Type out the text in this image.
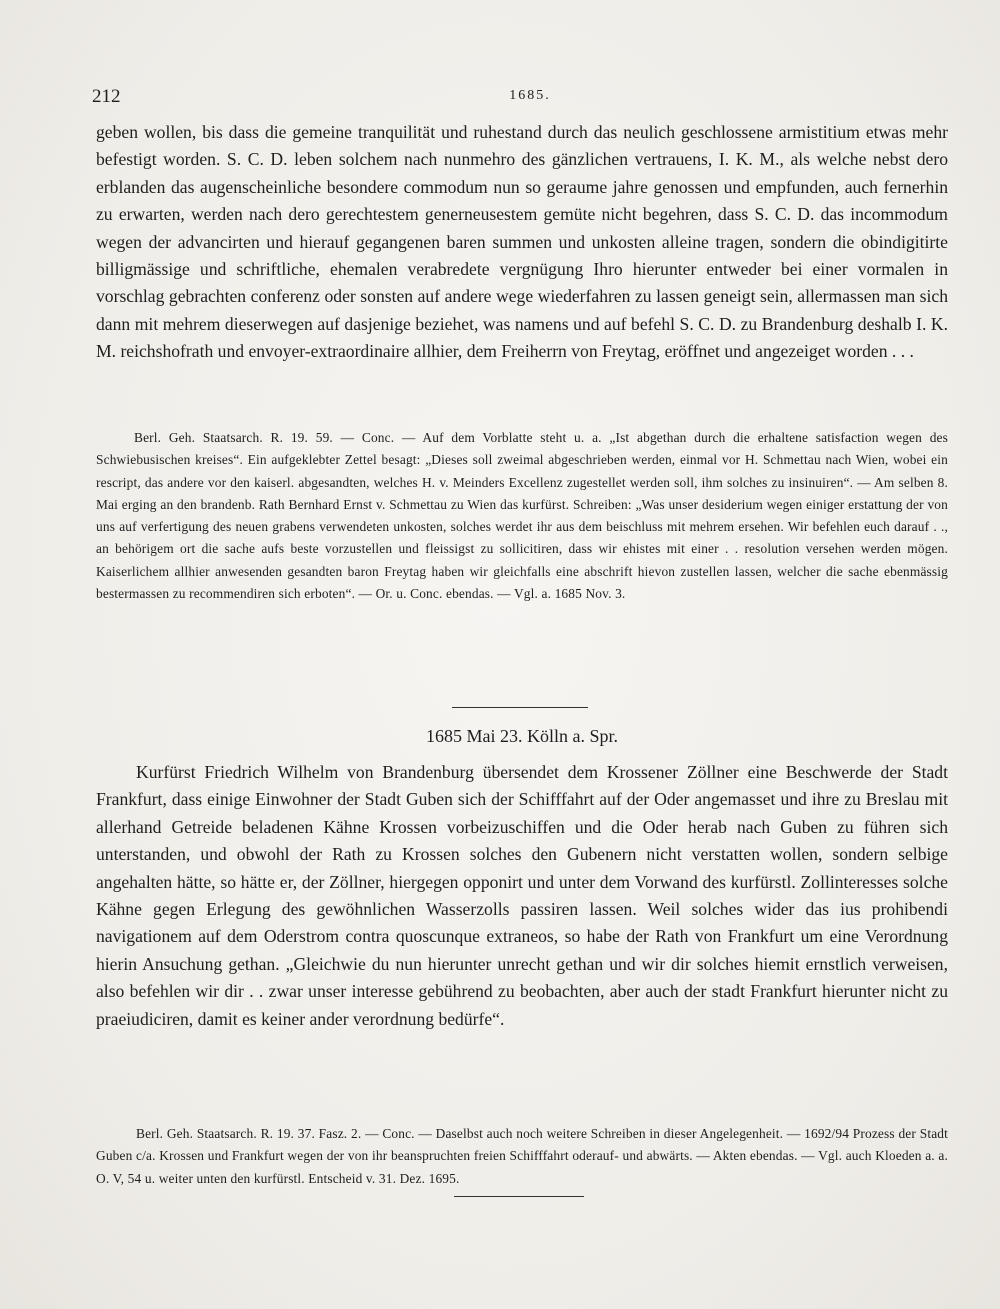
212	1685.

geben wollen, bis dass die gemeine tranquilität und ruhestand durch das neulich geschlossene armistitium etwas mehr befestigt worden. S. C. D. leben solchem nach nunmehro des gänzlichen vertrauens, I. K. M., als welche nebst dero erblanden das augenscheinliche besondere commodum nun so geraume jahre genossen und empfunden, auch fernerhin zu erwarten, werden nach dero gerechtestem generneusestem gemüte nicht begehren, dass S. C. D. das incommodum wegen der advancirten und hierauf gegangenen baren summen und unkosten alleine tragen, sondern die obindigitirte billigmässige und schriftliche, ehemalen verabredete vergnügung Ihro hierunter entweder bei einer vormalen in vorschlag gebrachten conferenz oder sonsten auf andere wege wiederfahren zu lassen geneigt sein, allermassen man sich dann mit mehrem dieserwegen auf dasjenige beziehet, was namens und auf befehl S. C. D. zu Brandenburg deshalb I. K. M. reichshofrath und envoyer-extraordinaire allhier, dem Freiherrn von Freytag, eröffnet und angezeiget worden . . .

Berl. Geh. Staatsarch. R. 19. 59. — Conc. — Auf dem Vorblatte steht u. a. „Ist abgethan durch die erhaltene satisfaction wegen des Schwiebusischen kreises“. Ein aufgeklebter Zettel besagt: „Dieses soll zweimal abgeschrieben werden, einmal vor H. Schmettau nach Wien, wobei ein rescript, das andere vor den kaiserl. abgesandten, welches H. v. Meinders Excellenz zugestellet werden soll, ihm solches zu insinuiren“. — Am selben 8. Mai erging an den brandenb. Rath Bernhard Ernst v. Schmettau zu Wien das kurfürst. Schreiben: „Was unser desiderium wegen einiger erstattung der von uns auf verfertigung des neuen grabens verwendeten unkosten, solches werdet ihr aus dem beischluss mit mehrem ersehen. Wir befehlen euch darauf . ., an behörigem ort die sache aufs beste vorzustellen und fleissigst zu sollicitiren, dass wir ehistes mit einer . . resolution versehen werden mögen. Kaiserlichem allhier anwesenden gesandten baron Freytag haben wir gleichfalls eine abschrift hievon zustellen lassen, welcher die sache ebenmässig bestermassen zu recommendiren sich erboten“. — Or. u. Conc. ebendas. — Vgl. a. 1685 Nov. 3.

1685 Mai 23. Kölln a. Spr.

Kurfürst Friedrich Wilhelm von Brandenburg übersendet dem Krossener Zöllner eine Beschwerde der Stadt Frankfurt, dass einige Einwohner der Stadt Guben sich der Schifffahrt auf der Oder angemasset und ihre zu Breslau mit allerhand Getreide beladenen Kähne Krossen vorbeizuschiffen und die Oder herab nach Guben zu führen sich unterstanden, und obwohl der Rath zu Krossen solches den Gubenern nicht verstatten wollen, sondern selbige angehalten hätte, so hätte er, der Zöllner, hiergegen opponirt und unter dem Vorwand des kurfürstl. Zollinteresses solche Kähne gegen Erlegung des gewöhnlichen Wasserzolls passiren lassen. Weil solches wider das ius prohibendi navigationem auf dem Oderstrom contra quoscunque extraneos, so habe der Rath von Frankfurt um eine Verordnung hierin Ansuchung gethan. „Gleichwie du nun hierunter unrecht gethan und wir dir solches hiemit ernstlich verweisen, also befehlen wir dir . . zwar unser interesse gebührend zu beobachten, aber auch der stadt Frankfurt hierunter nicht zu praeiudiciren, damit es keiner ander verordnung bedürfe“.

Berl. Geh. Staatsarch. R. 19. 37. Fasz. 2. — Conc. — Daselbst auch noch weitere Schreiben in dieser Angelegenheit. — 1692/94 Prozess der Stadt Guben c/a. Krossen und Frankfurt wegen der von ihr beanspruchten freien Schifffahrt oderauf- und abwärts. — Akten ebendas. — Vgl. auch Kloeden a. a. O. V, 54 u. weiter unten den kurfürstl. Entscheid v. 31. Dez. 1695.
